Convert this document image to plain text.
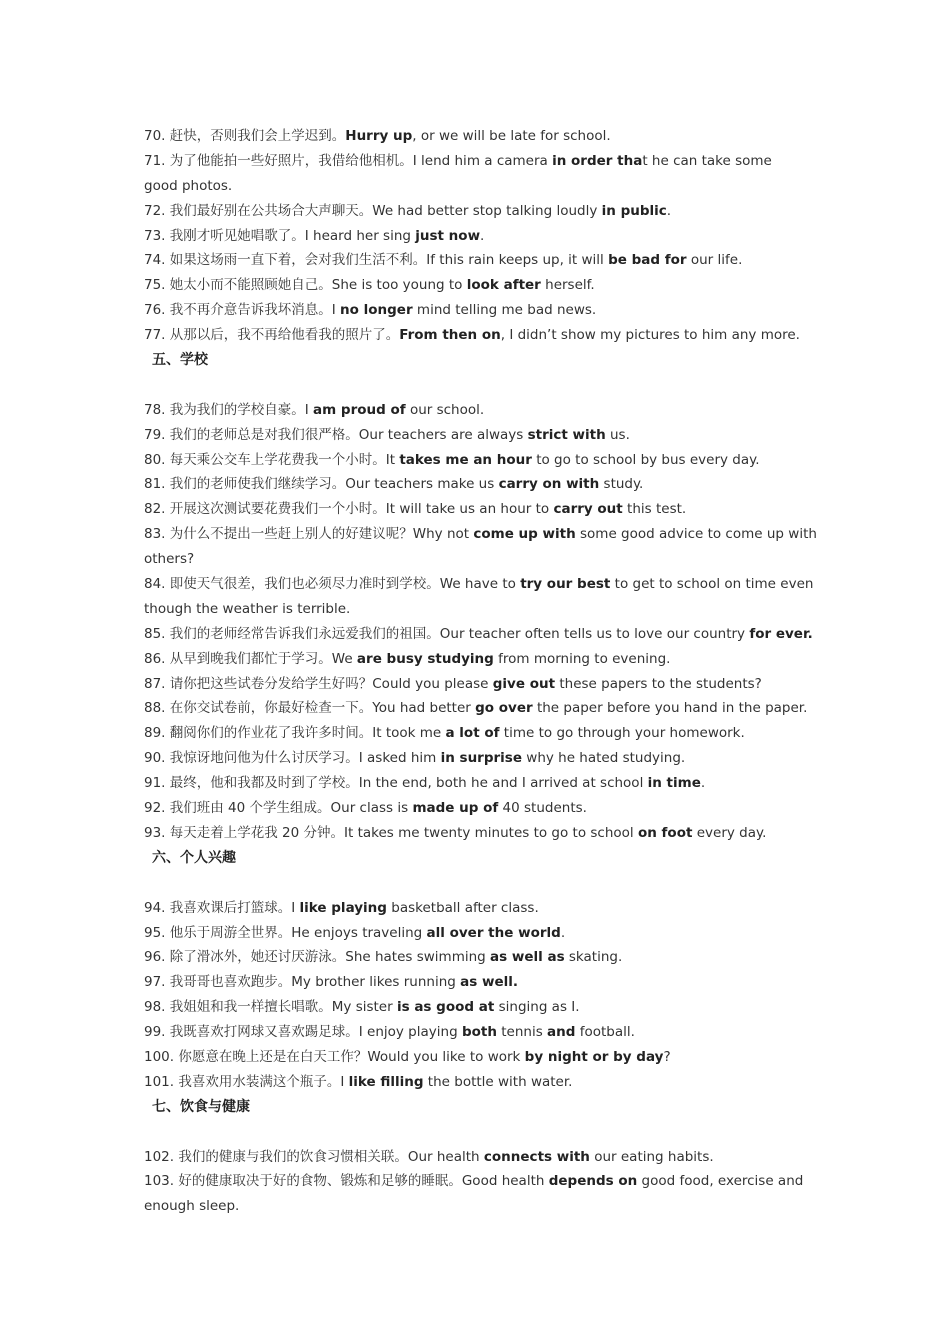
70. 赶快，否则我们会上学迟到。Hurry up, or we will be late for school.
71. 为了他能拍一些好照片，我借给他相机。I lend him a camera in order that he can take some
good photos.
72. 我们最好别在公共场合大声聊天。We had better stop talking loudly in public.
73. 我刚才听见她唱歌了。I heard her sing just now.
74. 如果这场雨一直下着，会对我们生活不利。If this rain keeps up, it will be bad for our life.
75. 她太小而不能照顾她自己。She is too young to look after herself.
76. 我不再介意告诉我坏消息。I no longer mind telling me bad news.
77. 从那以后，我不再给他看我的照片了。From then on, I didn’t show my pictures to him any more.
五、学校
78. 我为我们的学校自豪。I am proud of our school.
79. 我们的老师总是对我们很严格。Our teachers are always strict with us.
80. 每天乘公交车上学花费我一个小时。It takes me an hour to go to school by bus every day.
81. 我们的老师使我们继续学习。Our teachers make us carry on with study.
82. 开展这次测试要花费我们一个小时。It will take us an hour to carry out this test.
83. 为什么不提出一些赶上别人的好建议呢？Why not come up with some good advice to come up with
others?
84. 即使天气很差，我们也必须尽力准时到学校。We have to try our best to get to school on time even
though the weather is terrible.
85. 我们的老师经常告诉我们永远爱我们的祖国。Our teacher often tells us to love our country for ever.
86. 从早到晚我们都忙于学习。We are busy studying from morning to evening.
87. 请你把这些试卷分发给学生好吗？Could you please give out these papers to the students?
88. 在你交试卷前，你最好检查一下。You had better go over the paper before you hand in the paper.
89. 翻阅你们的作业花了我许多时间。It took me a lot of time to go through your homework.
90. 我惊讶地问他为什么讨厌学习。I asked him in surprise why he hated studying.
91. 最终，他和我都及时到了学校。In the end, both he and I arrived at school in time.
92. 我们班由 40 个学生组成。Our class is made up of 40 students.
93. 每天走着上学花我 20 分钟。It takes me twenty minutes to go to school on foot every day.
六、个人兴趣
94. 我喜欢课后打篮球。I like playing basketball after class.
95. 他乐于周游全世界。He enjoys traveling all over the world.
96. 除了滑冰外，她还讨厌游泳。She hates swimming as well as skating.
97. 我哥哥也喜欢跑步。My brother likes running as well.
98. 我姐姐和我一样擅长唱歌。My sister is as good at singing as I.
99. 我既喜欢打网球又喜欢踢足球。I enjoy playing both tennis and football.
100. 你愿意在晚上还是在白天工作？Would you like to work by night or by day?
101. 我喜欢用水装满这个瓶子。I like filling the bottle with water.
七、饮食与健康
102. 我们的健康与我们的饮食习惯相关联。Our health connects with our eating habits.
103. 好的健康取决于好的食物、锻炼和足够的睡眠。Good health depends on good food, exercise and
enough sleep.
